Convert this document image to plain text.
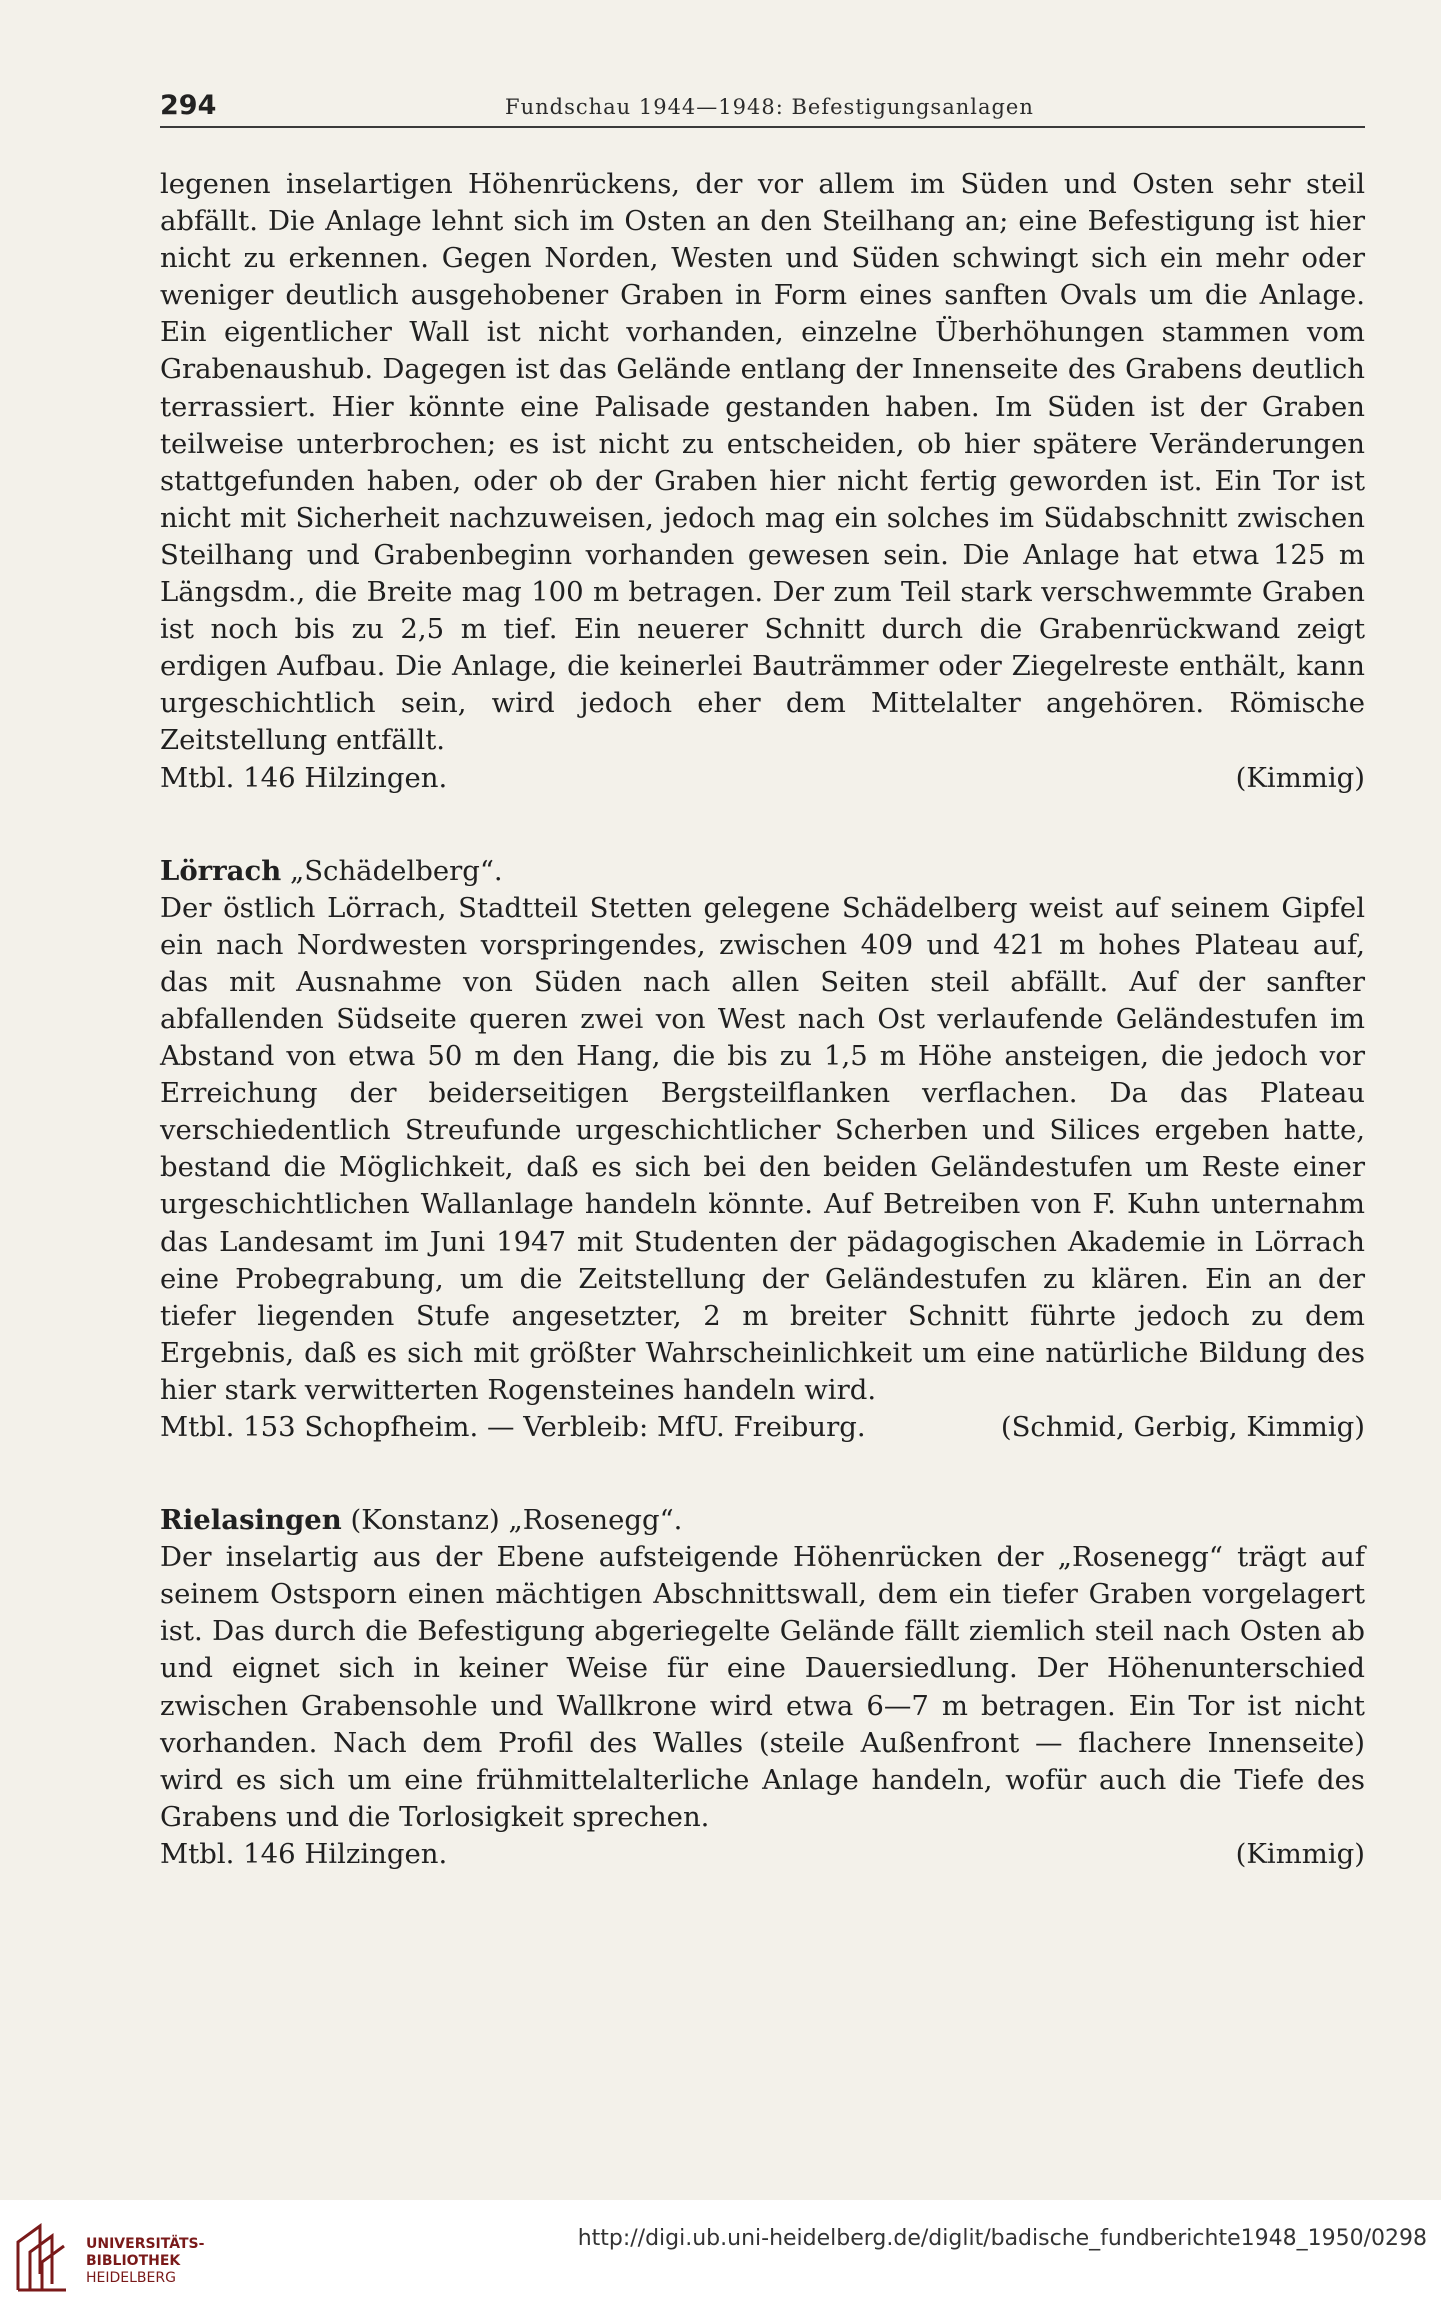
294	Fundschau 1944—1948: Befestigungsanlagen

legenen inselartigen Höhenrückens, der vor allem im Süden und Osten sehr steil abfällt. Die Anlage lehnt sich im Osten an den Steilhang an; eine Befestigung ist hier nicht zu erkennen. Gegen Norden, Westen und Süden schwingt sich ein mehr oder weniger deutlich ausgehobener Graben in Form eines sanften Ovals um die Anlage. Ein eigentlicher Wall ist nicht vorhanden, einzelne Überhöhungen stammen vom Grabenaushub. Dagegen ist das Gelände entlang der Innenseite des Grabens deutlich terrassiert. Hier könnte eine Palisade gestanden haben. Im Süden ist der Graben teilweise unterbrochen; es ist nicht zu entscheiden, ob hier spätere Veränderungen stattgefunden haben, oder ob der Graben hier nicht fertig geworden ist. Ein Tor ist nicht mit Sicherheit nachzuweisen, jedoch mag ein solches im Südabschnitt zwischen Steilhang und Grabenbeginn vorhanden gewesen sein. Die Anlage hat etwa 125 m Längsdm., die Breite mag 100 m betragen. Der zum Teil stark verschwemmte Graben ist noch bis zu 2,5 m tief. Ein neuerer Schnitt durch die Grabenrückwand zeigt erdigen Aufbau. Die Anlage, die keinerlei Bauträmmer oder Ziegelreste enthält, kann urgeschichtlich sein, wird jedoch eher dem Mittelalter angehören. Römische Zeitstellung entfällt.

Mtbl. 146 Hilzingen.	(Kimmig)

Lörrach „Schädelberg“.

Der östlich Lörrach, Stadtteil Stetten gelegene Schädelberg weist auf seinem Gipfel ein nach Nordwesten vorspringendes, zwischen 409 und 421 m hohes Plateau auf, das mit Ausnahme von Süden nach allen Seiten steil abfällt. Auf der sanfter abfallenden Südseite queren zwei von West nach Ost verlaufende Geländestufen im Abstand von etwa 50 m den Hang, die bis zu 1,5 m Höhe ansteigen, die jedoch vor Erreichung der beiderseitigen Bergsteilflanken verflachen. Da das Plateau verschiedentlich Streufunde urgeschichtlicher Scherben und Silices ergeben hatte, bestand die Möglichkeit, daß es sich bei den beiden Geländestufen um Reste einer urgeschichtlichen Wallanlage handeln könnte. Auf Betreiben von F. Kuhn unternahm das Landesamt im Juni 1947 mit Studenten der pädagogischen Akademie in Lörrach eine Probegrabung, um die Zeitstellung der Geländestufen zu klären. Ein an der tiefer liegenden Stufe angesetzter, 2 m breiter Schnitt führte jedoch zu dem Ergebnis, daß es sich mit größter Wahrscheinlichkeit um eine natürliche Bildung des hier stark verwitterten Rogensteines handeln wird.

Mtbl. 153 Schopfheim. — Verbleib: MfU. Freiburg.	(Schmid, Gerbig, Kimmig)

Rielasingen (Konstanz) „Rosenegg“.

Der inselartig aus der Ebene aufsteigende Höhenrücken der „Rosenegg“ trägt auf seinem Ostsporn einen mächtigen Abschnittswall, dem ein tiefer Graben vorgelagert ist. Das durch die Befestigung abgeriegelte Gelände fällt ziemlich steil nach Osten ab und eignet sich in keiner Weise für eine Dauersiedlung. Der Höhenunterschied zwischen Grabensohle und Wallkrone wird etwa 6—7 m betragen. Ein Tor ist nicht vorhanden. Nach dem Profil des Walles (steile Außenfront — flachere Innenseite) wird es sich um eine frühmittelalterliche Anlage handeln, wofür auch die Tiefe des Grabens und die Torlosigkeit sprechen.

Mtbl. 146 Hilzingen.	(Kimmig)

UNIVERSITÄTS-
BIBLIOTHEK
HEIDELBERG
http://digi.ub.uni-heidelberg.de/diglit/badische_fundberichte1948_1950/0298
